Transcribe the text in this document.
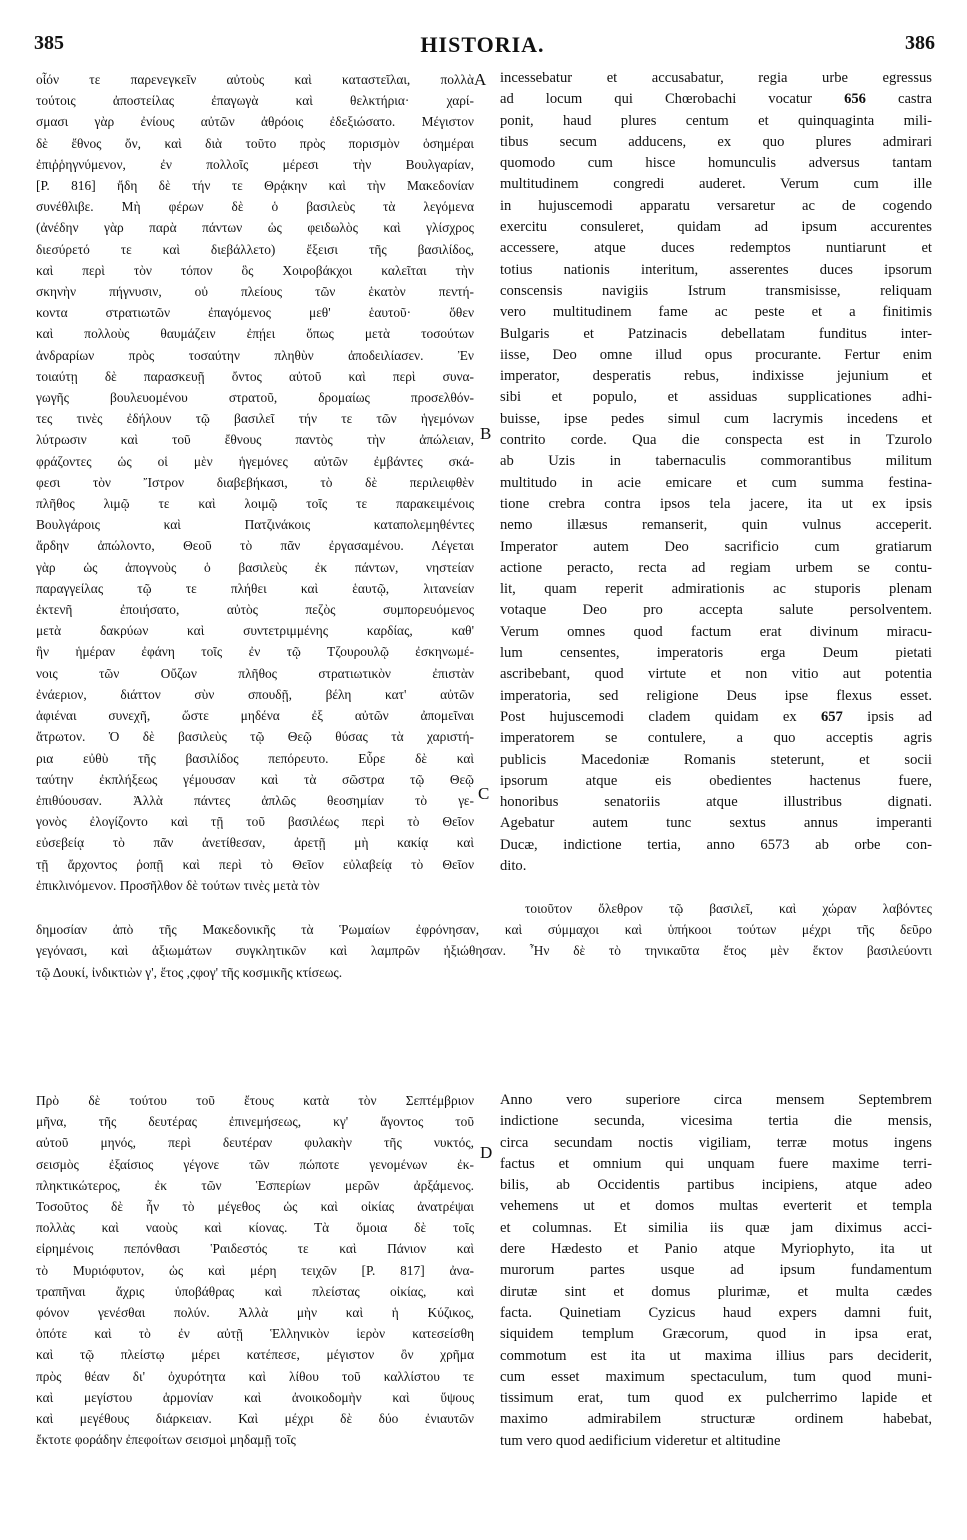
385	HISTORIA.	386
A
B
C
D
οἷόν τε παρενεγκεῖν αὐτοὺς καὶ καταστεῖλαι, πολλὰ
τούτοις ἀποστείλας ἐπαγωγὰ καὶ θελκτήρια· χαρί-
σμασι γὰρ ἐνίους αὐτῶν ἀθρόοις ἐδεξιώσατο. Μέγιστον
δὲ ἔθνος ὄν, καὶ διὰ τοῦτο πρὸς πορισμὸν ὁσημέραι
ἐπιῤῥηγνύμενον, ἐν πολλοῖς μέρεσι τὴν Βουλγαρίαν,
[P. 816] ἤδη δὲ τήν τε Θρᾴκην καὶ τὴν Μακεδονίαν
συνέθλιβε. Μὴ φέρων δὲ ὁ βασιλεὺς τὰ λεγόμενα
(ἀνέδην γὰρ παρὰ πάντων ὡς φειδωλὸς καὶ γλίσχρος
διεσύρετό τε καὶ διεβάλλετο) ἔξεισι τῆς βασιλίδος,
καὶ περὶ τὸν τόπον ὃς Χοιροβάκχοι καλεῖται τὴν
σκηνὴν πήγνυσιν, οὐ πλείους τῶν ἑκατὸν πεντή-
κοντα στρατιωτῶν ἐπαγόμενος μεθ' ἑαυτοῦ· ὅθεν
καὶ πολλοὺς θαυμάζειν ἐπῄει ὅπως μετὰ τοσούτων
ἀνδραρίων πρὸς τοσαύτην πληθὺν ἀποδειλίασεν. Ἐν
τοιαύτῃ δὲ παρασκευῇ ὄντος αὐτοῦ καὶ περὶ συνα-
γωγῆς βουλευομένου στρατοῦ, δρομαίως προσελθόν-
τες τινὲς ἐδήλουν τῷ βασιλεῖ τήν τε τῶν ἡγεμόνων
λύτρωσιν καὶ τοῦ ἔθνους παντὸς τὴν ἀπώλειαν,
φράζοντες ὡς οἱ μὲν ἡγεμόνες αὐτῶν ἐμβάντες σκά-
φεσι τὸν Ἴστρον διαβεβήκασι, τὸ δὲ περιλειφθὲν
πλῆθος λιμῷ τε καὶ λοιμῷ τοῖς τε παρακειμένοις
Βουλγάροις καὶ Πατζινάκοις καταπολεμηθέντες
ἄρδην ἀπώλοντο, Θεοῦ τὸ πᾶν ἐργασαμένου. Λέγεται
γὰρ ὡς ἀπογνοὺς ὁ βασιλεὺς ἐκ πάντων, νηστείαν
παραγγείλας τῷ τε πλήθει καὶ ἑαυτῷ, λιτανείαν
ἐκτενῆ ἐποιήσατο, αὐτὸς πεζὸς συμπορευόμενος
μετὰ δακρύων καὶ συντετριμμένης καρδίας, καθ'
ἣν ἡμέραν ἐφάνη τοῖς ἐν τῷ Τζουρουλῷ ἐσκηνωμέ-
νοις τῶν Οὔζων πλῆθος στρατιωτικὸν ἐπιστὰν
ἐνάεριον, διάττον σὺν σπουδῇ, βέλη κατ' αὐτῶν
ἀφιέναι συνεχῆ, ὥστε μηδένα ἐξ αὐτῶν ἀπομεῖναι
ἄτρωτον. Ὁ δὲ βασιλεὺς τῷ Θεῷ θύσας τὰ χαριστή-
ρια εὐθὺ τῆς βασιλίδος πεπόρευτο. Εὗρε δὲ καὶ
ταύτην ἐκπλήξεως γέμουσαν καὶ τὰ σῶστρα τῷ Θεῷ
ἐπιθύουσαν. Ἀλλὰ πάντες ἁπλῶς θεοσημίαν τὸ γε-
γονὸς ἐλογίζοντο καὶ τῇ τοῦ βασιλέως περὶ τὸ Θεῖον
εὐσεβείᾳ τὸ πᾶν ἀνετίθεσαν, ἀρετῇ μὴ κακίᾳ καὶ
τῇ ἄρχοντος ῥοπῇ καὶ περὶ τὸ Θεῖον εὐλαβείᾳ τὸ Θεῖον
ἐπικλινόμενον. Προσῆλθον δὲ τούτων τινὲς μετὰ τὸν
incessebatur et accusabatur, regia urbe egressus
ad locum qui Chœrobachi vocatur 656 castra
ponit, haud plures centum et quinquaginta mili-
tibus secum adducens, ex quo plures admirari
quomodo cum hisce homunculis adversus tantam
multitudinem congredi auderet. Verum cum ille
in hujuscemodi apparatu versaretur ac de cogendo
exercitu consuleret, quidam ad ipsum accurentes
accessere, atque duces redemptos nuntiarunt et
totius nationis interitum, asserentes duces ipsorum
conscensis navigiis Istrum transmisisse, reliquam
vero multitudinem fame ac peste et a finitimis
Bulgaris et Patzinacis debellatam funditus inter-
iisse, Deo omne illud opus procurante. Fertur enim
imperator, desperatis rebus, indixisse jejunium et
sibi et populo, et assiduas supplicationes adhi-
buisse, ipse pedes simul cum lacrymis incedens et
contrito corde. Qua die conspecta est in Tzurolo
ab Uzis in tabernaculis commorantibus militum
multitudo in acie emicare et cum summa festina-
tione crebra contra ipsos tela jacere, ita ut ex ipsis
nemo illæsus remanserit, quin vulnus acceperit.
Imperator autem Deo sacrificio cum gratiarum
actione peracto, recta ad regiam urbem se contu-
lit, quam reperit admirationis ac stuporis plenam
votaque Deo pro accepta salute persolventem.
Verum omnes quod factum erat divinum miracu-
lum censentes, imperatoris erga Deum pietati
ascribebant, quod virtute et non vitio aut potentia
imperatoria, sed religione Deus ipse flexus esset.
Post hujuscemodi cladem quidam ex 657 ipsis ad
imperatorem se contulere, a quo acceptis agris
publicis Macedoniæ Romanis steterunt, et socii
ipsorum atque eis obedientes hactenus fuere,
honoribus senatoriis atque illustribus dignati.
Agebatur autem tunc sextus annus imperanti
Ducæ, indictione tertia, anno 6573 ab orbe con-
dito.
τοιοῦτον ὄλεθρον τῷ βασιλεῖ, καὶ χώραν λαβόντες
δημοσίαν ἀπὸ τῆς Μακεδονικῆς τὰ Ῥωμαίων ἐφρόνησαν, καὶ σύμμαχοι καὶ ὑπήκοοι τούτων μέχρι τῆς δεῦρο
γεγόνασι, καὶ ἀξιωμάτων συγκλητικῶν καὶ λαμπρῶν ἠξιώθησαν. Ἦν δὲ τὸ τηνικαῦτα ἔτος μὲν ἕκτον βασιλεύοντι
τῷ Δουκί, ἰνδικτιὼν γ', ἔτος ,ςφογ' τῆς κοσμικῆς κτίσεως.
Πρὸ δὲ τούτου τοῦ ἔτους κατὰ τὸν Σεπτέμβριον
μῆνα, τῆς δευτέρας ἐπινεμήσεως, κγ' ἄγοντος τοῦ
αὐτοῦ μηνός, περὶ δευτέραν φυλακὴν τῆς νυκτός,
σεισμὸς ἐξαίσιος γέγονε τῶν πώποτε γενομένων ἐκ-
πληκτικώτερος, ἐκ τῶν Ἑσπερίων μερῶν ἀρξάμενος.
Τοσοῦτος δὲ ἦν τὸ μέγεθος ὡς καὶ οἰκίας ἀνατρέψαι
πολλὰς καὶ ναοὺς καὶ κίονας. Τὰ ὅμοια δὲ τοῖς
εἰρημένοις πεπόνθασι Ῥαιδεστός τε καὶ Πάνιον καὶ
τὸ Μυριόφυτον, ὡς καὶ μέρη τειχῶν [P. 817] ἀνα-
τραπῆναι ἄχρις ὑποβάθρας καὶ πλείστας οἰκίας, καὶ
φόνον γενέσθαι πολύν. Ἀλλὰ μὴν καὶ ἡ Κύζικος,
ὁπότε καὶ τὸ ἐν αὐτῇ Ἑλληνικὸν ἱερὸν κατεσείσθη
καὶ τῷ πλείστῳ μέρει κατέπεσε, μέγιστον ὂν χρῆμα
πρὸς θέαν δι' ὀχυρότητα καὶ λίθου τοῦ καλλίστου τε
καὶ μεγίστου ἁρμονίαν καὶ ἀνοικοδομὴν καὶ ὕψους
καὶ μεγέθους διάρκειαν. Καὶ μέχρι δὲ δύο ἐνιαυτῶν
ἔκτοτε φοράδην ἐπεφοίτων σεισμοὶ μηδαμῇ τοῖς
Anno vero superiore circa mensem Septembrem
indictione secunda, vicesima tertia die mensis,
circa secundam noctis vigiliam, terræ motus ingens
factus et omnium qui unquam fuere maxime terri-
bilis, ab Occidentis partibus incipiens, atque adeo
vehemens ut et domos multas everterit et templa
et columnas. Et similia iis quæ jam diximus acci-
dere Hædesto et Panio atque Myriophyto, ita ut
murorum partes usque ad ipsum fundamentum
dirutæ sint et domus plurimæ, et multa cædes
facta. Quinetiam Cyzicus haud expers damni fuit,
siquidem templum Græcorum, quod in ipsa erat,
commotum est ita ut maxima illius pars deciderit,
cum esset maximum spectaculum, tum quod muni-
tissimum erat, tum quod ex pulcherrimo lapide et
maximo admirabilem structuræ ordinem habebat,
tum vero quod aedificium videretur et altitudine
